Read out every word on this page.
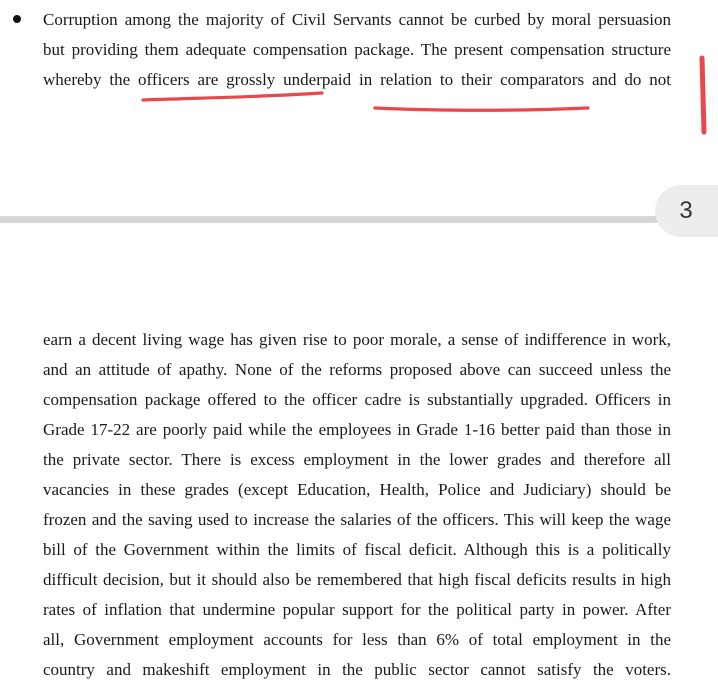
Corruption among the majority of Civil Servants cannot be curbed by moral persuasion
but providing them adequate compensation package. The present compensation structure
whereby the officers are grossly underpaid in relation to their comparators and do not
3
earn a decent living wage has given rise to poor morale, a sense of indifference in work,
and an attitude of apathy. None of the reforms proposed above can succeed unless the
compensation package offered to the officer cadre is substantially upgraded. Officers in
Grade 17-22 are poorly paid while the employees in Grade 1-16 better paid than those in
the private sector. There is excess employment in the lower grades and therefore all
vacancies in these grades (except Education, Health, Police and Judiciary) should be
frozen and the saving used to increase the salaries of the officers. This will keep the wage
bill of the Government within the limits of fiscal deficit. Although this is a politically
difficult decision, but it should also be remembered that high fiscal deficits results in high
rates of inflation that undermine popular support for the political party in power. After
all, Government employment accounts for less than 6% of total employment in the
country and makeshift employment in the public sector cannot satisfy the voters.
